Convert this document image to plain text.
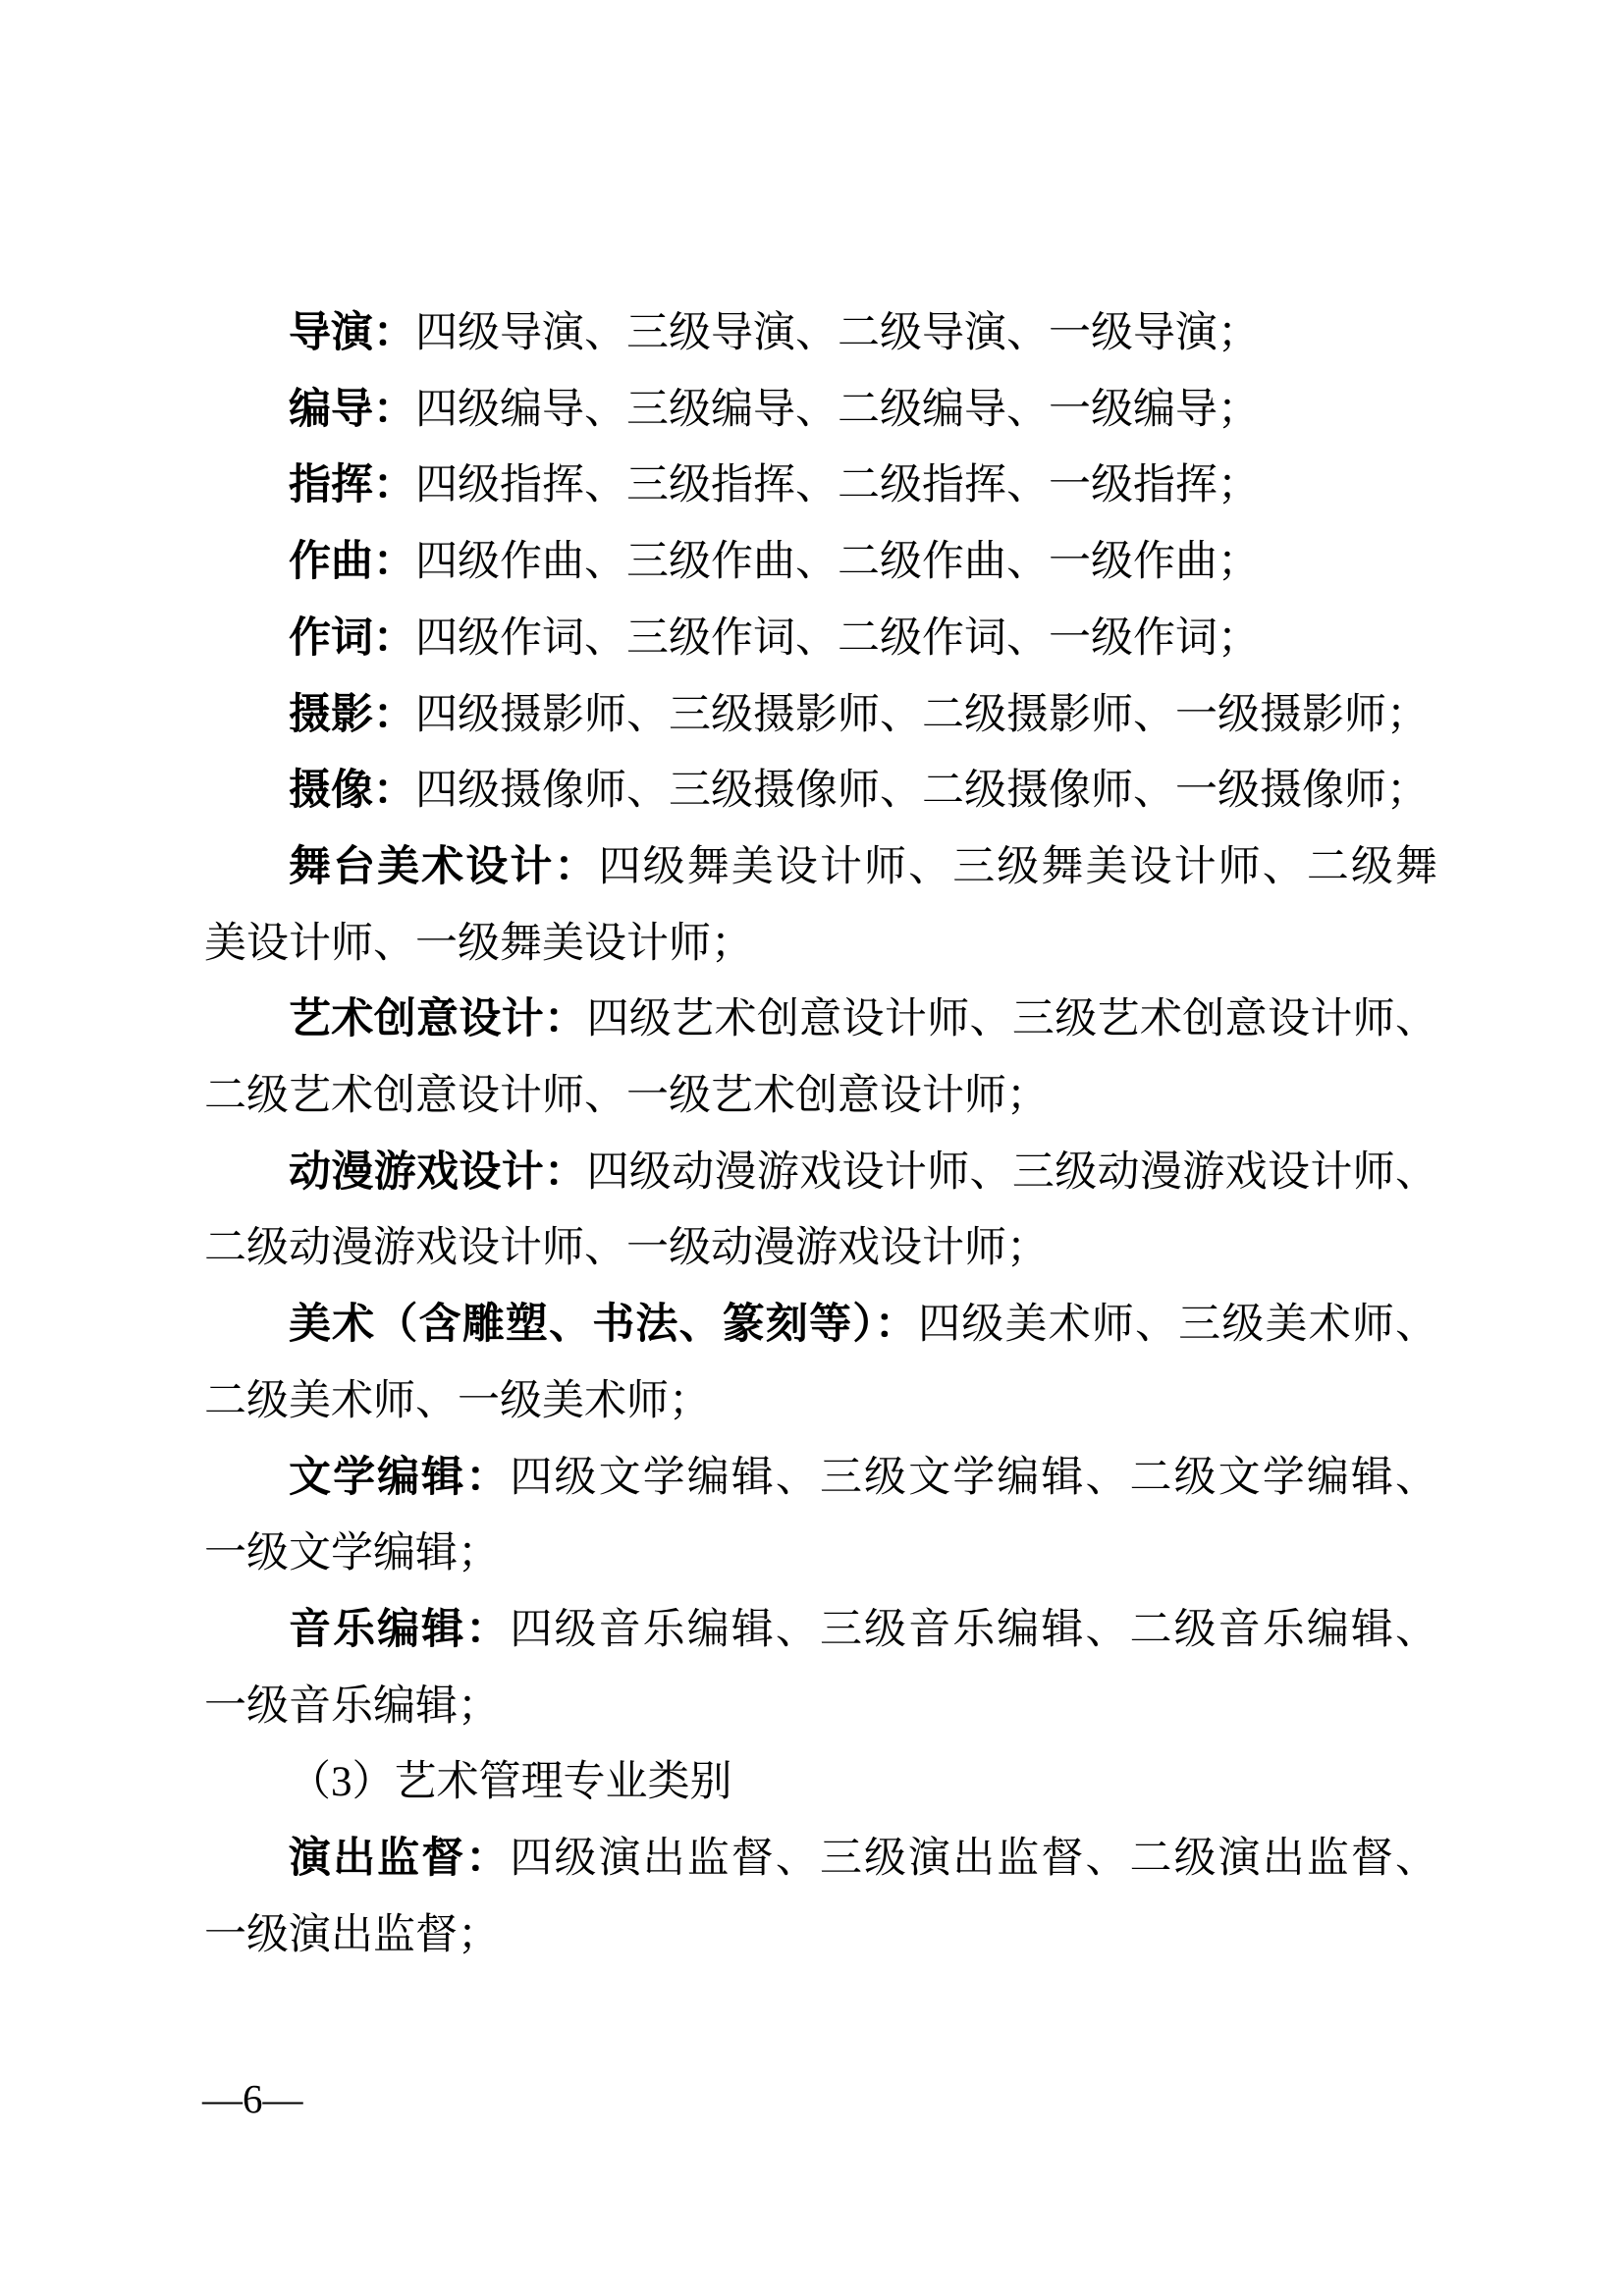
导演：四级导演、三级导演、二级导演、一级导演；
编导：四级编导、三级编导、二级编导、一级编导；
指挥：四级指挥、三级指挥、二级指挥、一级指挥；
作曲：四级作曲、三级作曲、二级作曲、一级作曲；
作词：四级作词、三级作词、二级作词、一级作词；
摄影：四级摄影师、三级摄影师、二级摄影师、一级摄影师；
摄像：四级摄像师、三级摄像师、二级摄像师、一级摄像师；
舞台美术设计：四级舞美设计师、三级舞美设计师、二级舞
美设计师、一级舞美设计师；
艺术创意设计：四级艺术创意设计师、三级艺术创意设计师、
二级艺术创意设计师、一级艺术创意设计师；
动漫游戏设计：四级动漫游戏设计师、三级动漫游戏设计师、
二级动漫游戏设计师、一级动漫游戏设计师；
美术（含雕塑、书法、篆刻等）：四级美术师、三级美术师、
二级美术师、一级美术师；
文学编辑：四级文学编辑、三级文学编辑、二级文学编辑、
一级文学编辑；
音乐编辑：四级音乐编辑、三级音乐编辑、二级音乐编辑、
一级音乐编辑；
（3）艺术管理专业类别
演出监督：四级演出监督、三级演出监督、二级演出监督、
一级演出监督；
—6—
